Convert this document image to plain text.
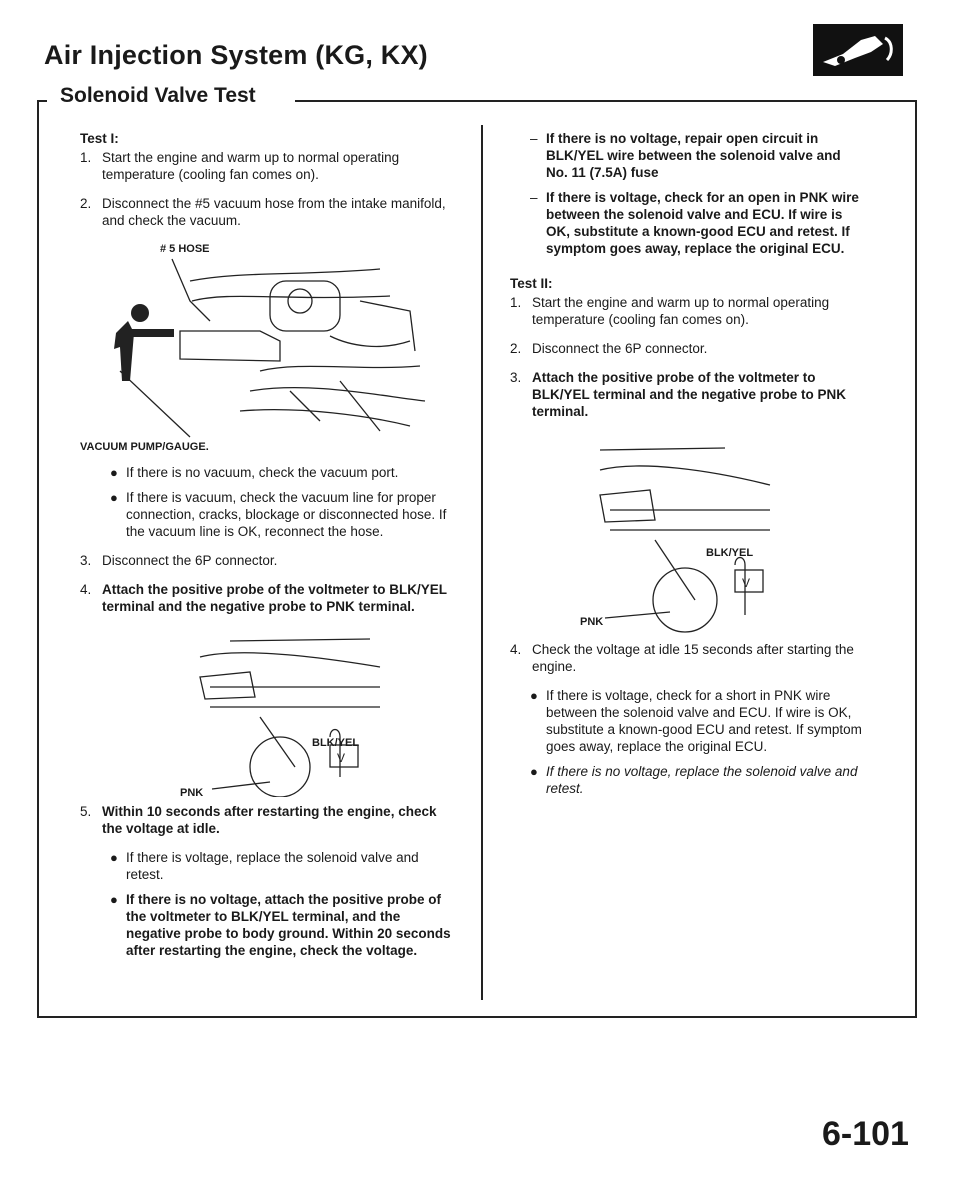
Air Injection System (KG, KX)
Solenoid Valve Test

Test I:

1. Start the engine and warm up to normal operating temperature (cooling fan comes on).
2. Disconnect the #5 vacuum hose from the intake manifold, and check the vacuum.
# 5 HOSE
VACUUM PUMP/GAUGE.
● If there is no vacuum, check the vacuum port.
● If there is vacuum, check the vacuum line for proper connection, cracks, blockage or disconnected hose. If the vacuum line is OK, reconnect the hose.
3. Disconnect the 6P connector.
4. Attach the positive probe of the voltmeter to BLK/YEL terminal and the negative probe to PNK terminal.
BLK/YEL
PNK
V
5. Within 10 seconds after restarting the engine, check the voltage at idle.
● If there is voltage, replace the solenoid valve and retest.
● If there is no voltage, attach the positive probe of the voltmeter to BLK/YEL terminal, and the negative probe to body ground. Within 20 seconds after restarting the engine, check the voltage.
– If there is no voltage, repair open circuit in BLK/YEL wire between the solenoid valve and No. 11 (7.5A) fuse
– If there is voltage, check for an open in PNK wire between the solenoid valve and ECU. If wire is OK, substitute a known-good ECU and retest. If symptom goes away, replace the original ECU.

Test II:

1. Start the engine and warm up to normal operating temperature (cooling fan comes on).
2. Disconnect the 6P connector.
3. Attach the positive probe of the voltmeter to BLK/YEL terminal and the negative probe to PNK terminal.
BLK/YEL
PNK
V
4. Check the voltage at idle 15 seconds after starting the engine.
● If there is voltage, check for a short in PNK wire between the solenoid valve and ECU. If wire is OK, substitute a known-good ECU and retest. If symptom goes away, replace the original ECU.
● If there is no voltage, replace the solenoid valve and retest.
6-101
